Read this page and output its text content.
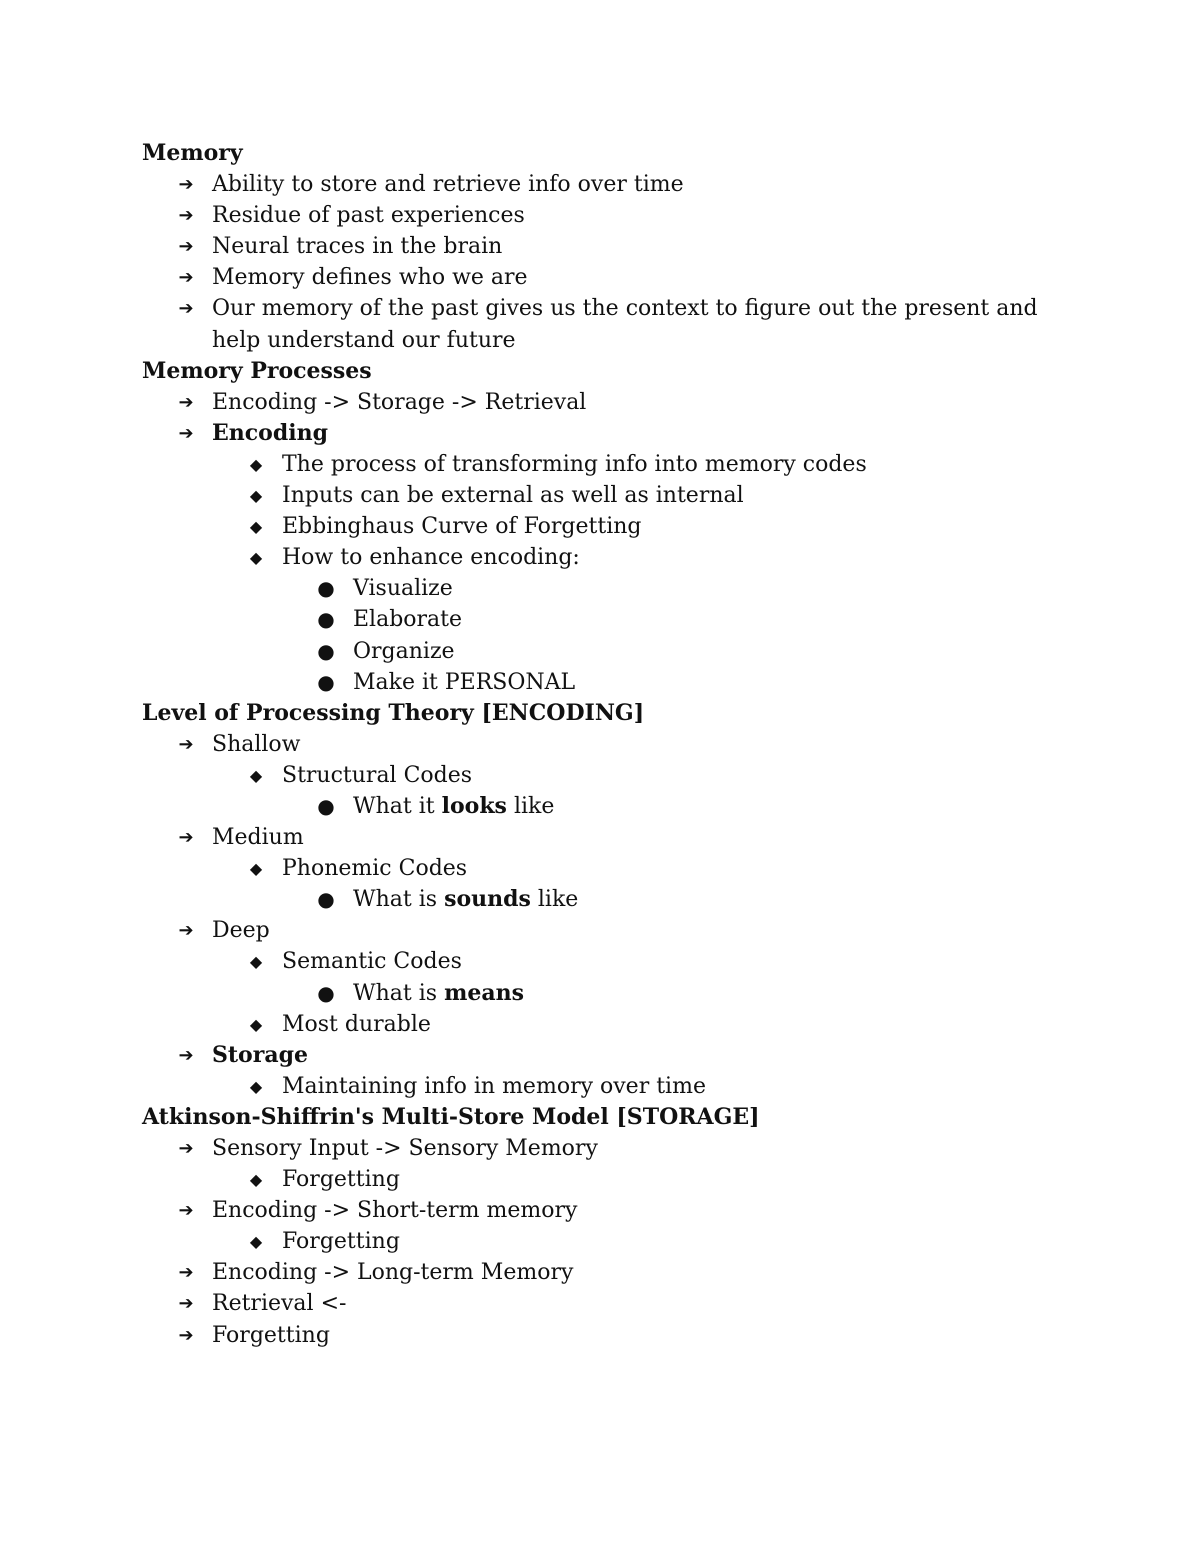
Memory
➔ Ability to store and retrieve info over time
➔ Residue of past experiences
➔ Neural traces in the brain
➔ Memory defines who we are
➔ Our memory of the past gives us the context to figure out the present and help understand our future
Memory Processes
➔ Encoding -> Storage -> Retrieval
➔ Encoding
◆ The process of transforming info into memory codes
◆ Inputs can be external as well as internal
◆ Ebbinghaus Curve of Forgetting
◆ How to enhance encoding:
● Visualize
● Elaborate
● Organize
● Make it PERSONAL
Level of Processing Theory [ENCODING]
➔ Shallow
◆ Structural Codes
● What it looks like
➔ Medium
◆ Phonemic Codes
● What is sounds like
➔ Deep
◆ Semantic Codes
● What is means
◆ Most durable
➔ Storage
◆ Maintaining info in memory over time
Atkinson-Shiffrin's Multi-Store Model [STORAGE]
➔ Sensory Input -> Sensory Memory
◆ Forgetting
➔ Encoding -> Short-term memory
◆ Forgetting
➔ Encoding -> Long-term Memory
➔ Retrieval <-
➔ Forgetting
